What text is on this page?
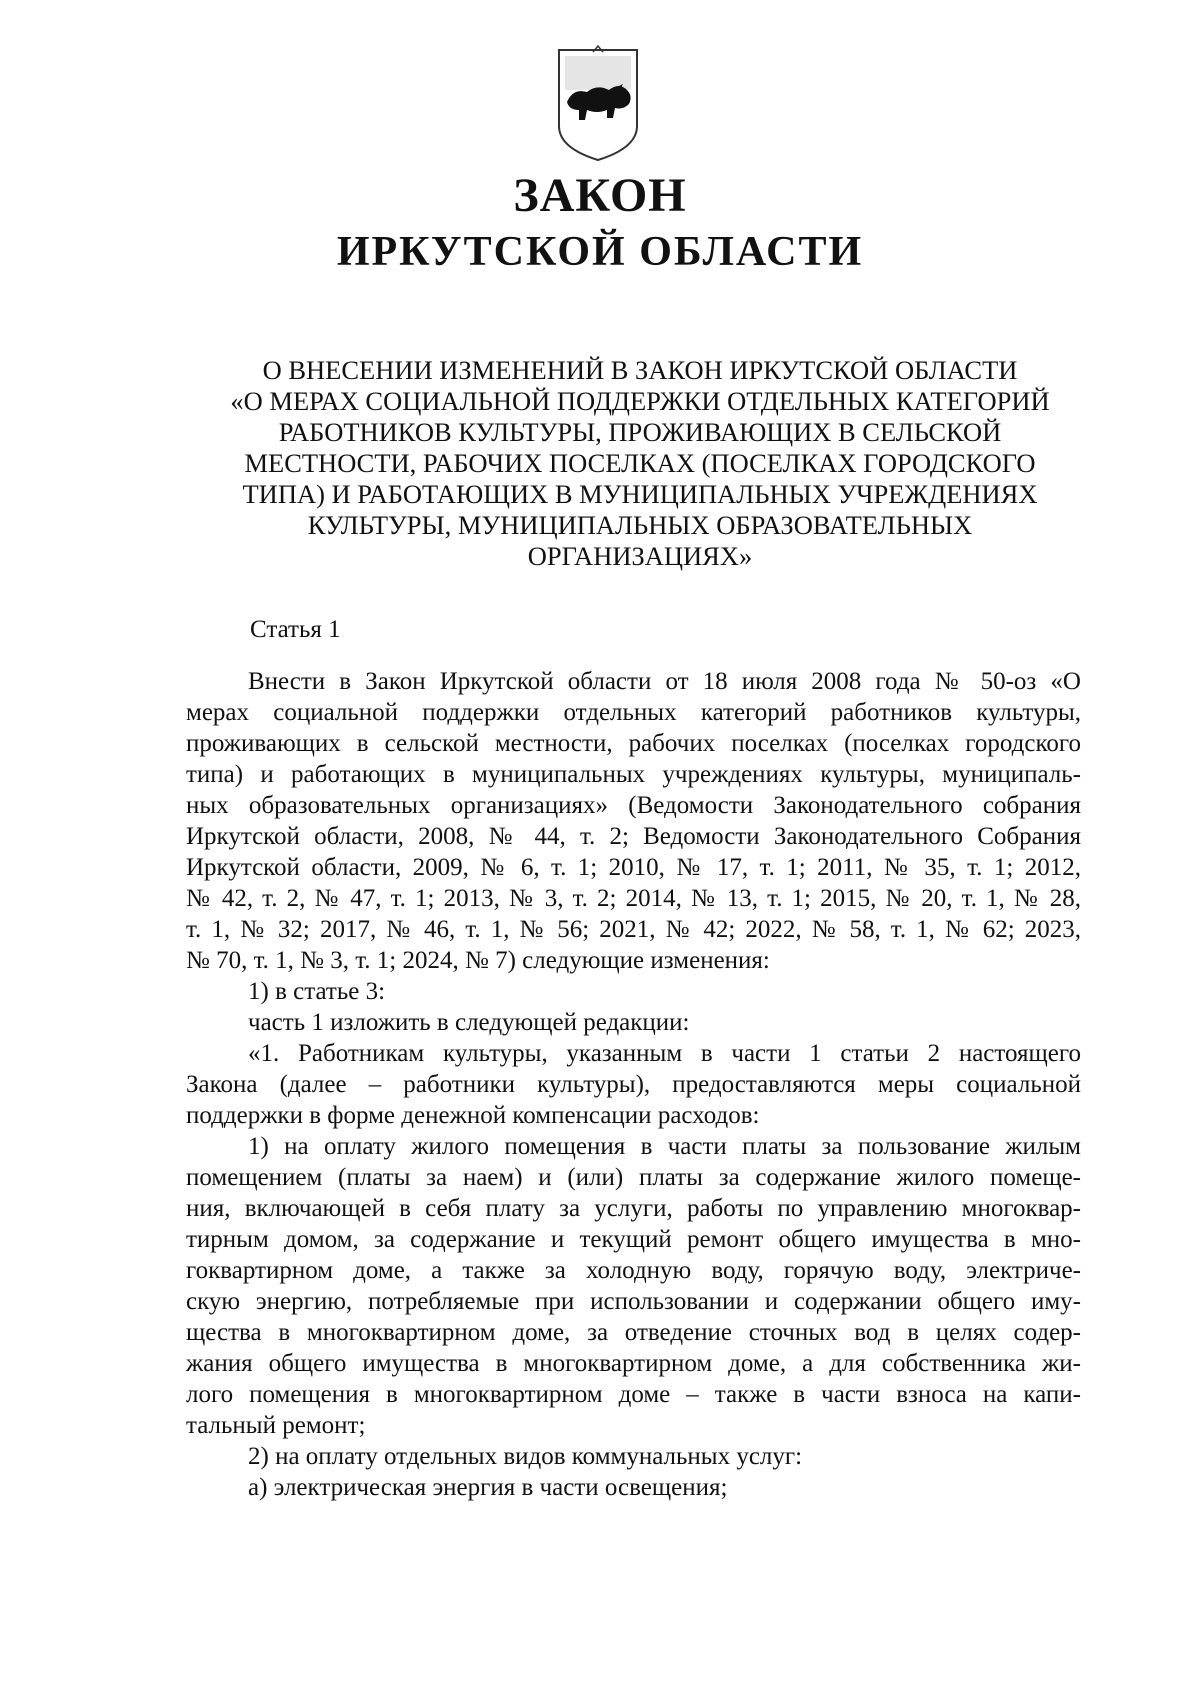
ЗАКОН
ИРКУТСКОЙ ОБЛАСТИ
О ВНЕСЕНИИ ИЗМЕНЕНИЙ В ЗАКОН ИРКУТСКОЙ ОБЛАСТИ
«О МЕРАХ СОЦИАЛЬНОЙ ПОДДЕРЖКИ ОТДЕЛЬНЫХ КАТЕГОРИЙ
РАБОТНИКОВ КУЛЬТУРЫ, ПРОЖИВАЮЩИХ В СЕЛЬСКОЙ
МЕСТНОСТИ, РАБОЧИХ ПОСЕЛКАХ (ПОСЕЛКАХ ГОРОДСКОГО
ТИПА) И РАБОТАЮЩИХ В МУНИЦИПАЛЬНЫХ УЧРЕЖДЕНИЯХ
КУЛЬТУРЫ, МУНИЦИПАЛЬНЫХ ОБРАЗОВАТЕЛЬНЫХ
ОРГАНИЗАЦИЯХ»
Статья 1
Внести в Закон Иркутской области от 18 июля 2008 года № 50-оз «О
мерах социальной поддержки отдельных категорий работников культуры,
проживающих в сельской местности, рабочих поселках (поселках городского
типа) и работающих в муниципальных учреждениях культуры, муниципаль-
ных образовательных организациях» (Ведомости Законодательного собрания
Иркутской области, 2008, № 44, т. 2; Ведомости Законодательного Собрания
Иркутской области, 2009, № 6, т. 1; 2010, № 17, т. 1; 2011, № 35, т. 1; 2012,
№ 42, т. 2, № 47, т. 1; 2013, № 3, т. 2; 2014, № 13, т. 1; 2015, № 20, т. 1, № 28,
т. 1, № 32; 2017, № 46, т. 1, № 56; 2021, № 42; 2022, № 58, т. 1, № 62; 2023,
№ 70, т. 1, № 3, т. 1; 2024, № 7) следующие изменения:
1) в статье 3:
часть 1 изложить в следующей редакции:
«1. Работникам культуры, указанным в части 1 статьи 2 настоящего
Закона (далее – работники культуры), предоставляются меры социальной
поддержки в форме денежной компенсации расходов:
1) на оплату жилого помещения в части платы за пользование жилым
помещением (платы за наем) и (или) платы за содержание жилого помеще-
ния, включающей в себя плату за услуги, работы по управлению многоквар-
тирным домом, за содержание и текущий ремонт общего имущества в мно-
гоквартирном доме, а также за холодную воду, горячую воду, электриче-
скую энергию, потребляемые при использовании и содержании общего иму-
щества в многоквартирном доме, за отведение сточных вод в целях содер-
жания общего имущества в многоквартирном доме, а для собственника жи-
лого помещения в многоквартирном доме – также в части взноса на капи-
тальный ремонт;
2) на оплату отдельных видов коммунальных услуг:
а) электрическая энергия в части освещения;
